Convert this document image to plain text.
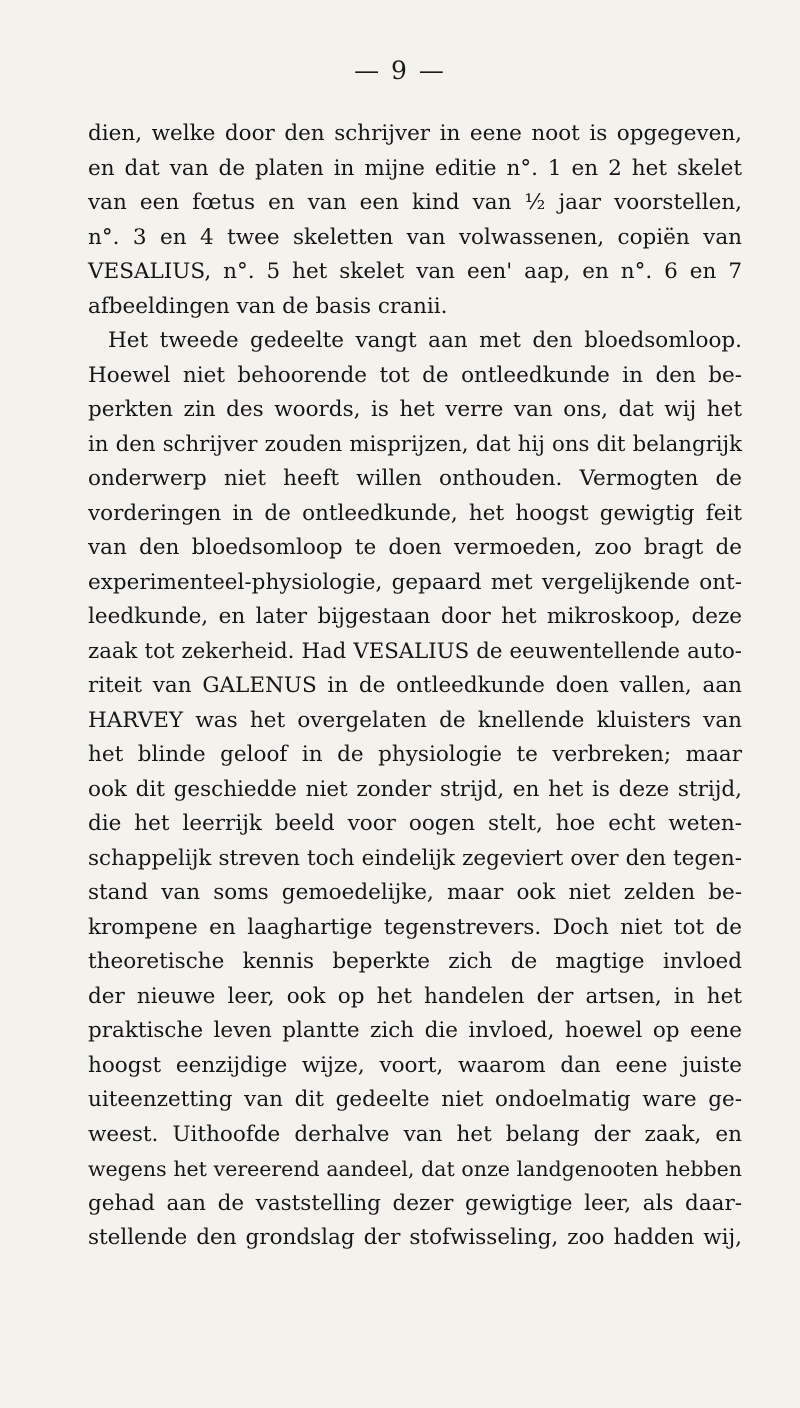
— 9 —
dien, welke door den schrijver in eene noot is opgegeven,
en dat van de platen in mijne editie n°. 1 en 2 het skelet
van een fœtus en van een kind van ½ jaar voorstellen,
n°. 3 en 4 twee skeletten van volwassenen, copiën van
VESALIUS, n°. 5 het skelet van een' aap, en n°. 6 en 7
afbeeldingen van de basis cranii.
Het tweede gedeelte vangt aan met den bloedsomloop.
Hoewel niet behoorende tot de ontleedkunde in den be-
perkten zin des woords, is het verre van ons, dat wij het
in den schrijver zouden misprijzen, dat hij ons dit belangrijk
onderwerp niet heeft willen onthouden. Vermogten de
vorderingen in de ontleedkunde, het hoogst gewigtig feit
van den bloedsomloop te doen vermoeden, zoo bragt de
experimenteel-physiologie, gepaard met vergelijkende ont-
leedkunde, en later bijgestaan door het mikroskoop, deze
zaak tot zekerheid. Had VESALIUS de eeuwentellende auto-
riteit van GALENUS in de ontleedkunde doen vallen, aan
HARVEY was het overgelaten de knellende kluisters van
het blinde geloof in de physiologie te verbreken; maar
ook dit geschiedde niet zonder strijd, en het is deze strijd,
die het leerrijk beeld voor oogen stelt, hoe echt weten-
schappelijk streven toch eindelijk zegeviert over den tegen-
stand van soms gemoedelijke, maar ook niet zelden be-
krompene en laaghartige tegenstrevers. Doch niet tot de
theoretische kennis beperkte zich de magtige invloed
der nieuwe leer, ook op het handelen der artsen, in het
praktische leven plantte zich die invloed, hoewel op eene
hoogst eenzijdige wijze, voort, waarom dan eene juiste
uiteenzetting van dit gedeelte niet ondoelmatig ware ge-
weest. Uithoofde derhalve van het belang der zaak, en
wegens het vereerend aandeel, dat onze landgenooten hebben
gehad aan de vaststelling dezer gewigtige leer, als daar-
stellende den grondslag der stofwisseling, zoo hadden wij,
